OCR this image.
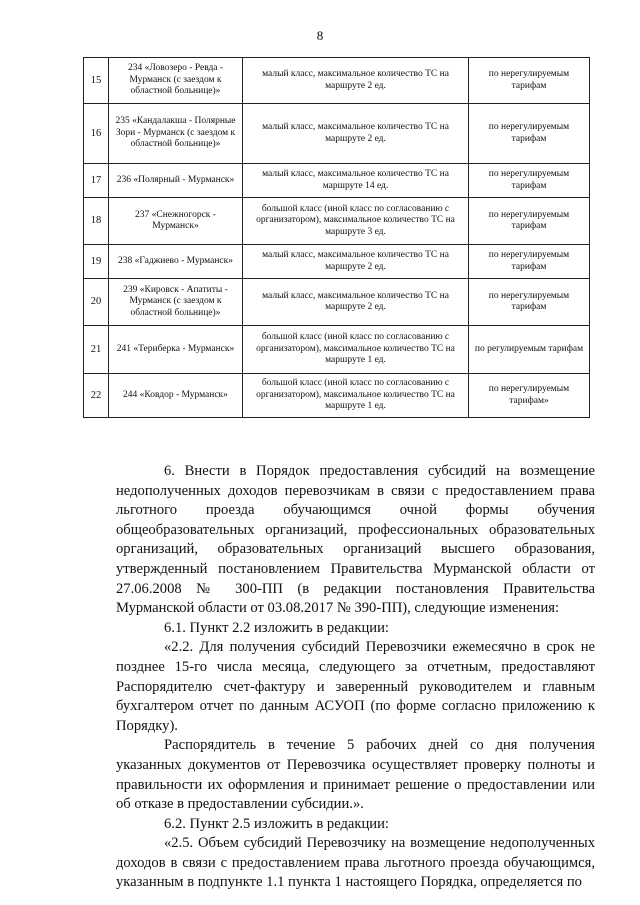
8
15	234 «Ловозеро - Ревда - Мурманск (с заездом к областной больнице)»	малый класс, максимальное количество ТС на маршруте 2 ед.	по нерегулируемым тарифам
16	235 «Кандалакша - Полярные Зори - Мурманск (с заездом к областной больнице)»	малый класс, максимальное количество ТС на маршруте 2 ед.	по нерегулируемым тарифам
17	236 «Полярный - Мурманск»	малый класс, максимальное количество ТС на маршруте 14 ед.	по нерегулируемым тарифам
18	237 «Снежногорск - Мурманск»	большой класс (иной класс по согласованию с организатором), максимальное количество ТС на маршруте 3 ед.	по нерегулируемым тарифам
19	238 «Гаджиево - Мурманск»	малый класс, максимальное количество ТС на маршруте 2 ед.	по нерегулируемым тарифам
20	239 «Кировск - Апатиты - Мурманск (с заездом к областной больнице)»	малый класс, максимальное количество ТС на маршруте 2 ед.	по нерегулируемым тарифам
21	241 «Териберка - Мурманск»	большой класс (иной класс по согласованию с организатором), максимальное количество ТС на маршруте 1 ед.	по регулируемым тарифам
22	244 «Ковдор - Мурманск»	большой класс (иной класс по согласованию с организатором), максимальное количество ТС на маршруте 1 ед.	по нерегулируемым тарифам»

6. Внести в Порядок предоставления субсидий на возмещение недополученных доходов перевозчикам в связи с предоставлением права льготного проезда обучающимся очной формы обучения общеобразовательных организаций, профессиональных образовательных организаций, образовательных организаций высшего образования, утвержденный постановлением Правительства Мурманской области от 27.06.2008 № 300-ПП (в редакции постановления Правительства Мурманской области от 03.08.2017 № 390-ПП), следующие изменения:

6.1. Пункт 2.2 изложить в редакции:

«2.2. Для получения субсидий Перевозчики ежемесячно в срок не позднее 15-го числа месяца, следующего за отчетным, предоставляют Распорядителю счет-фактуру и заверенный руководителем и главным бухгалтером отчет по данным АСУОП (по форме согласно приложению к Порядку).

Распорядитель в течение 5 рабочих дней со дня получения указанных документов от Перевозчика осуществляет проверку полноты и правильности их оформления и принимает решение о предоставлении или об отказе в предоставлении субсидии.».

6.2. Пункт 2.5 изложить в редакции:

«2.5. Объем субсидий Перевозчику на возмещение недополученных доходов в связи с предоставлением права льготного проезда обучающимся, указанным в подпункте 1.1 пункта 1 настоящего Порядка, определяется по
